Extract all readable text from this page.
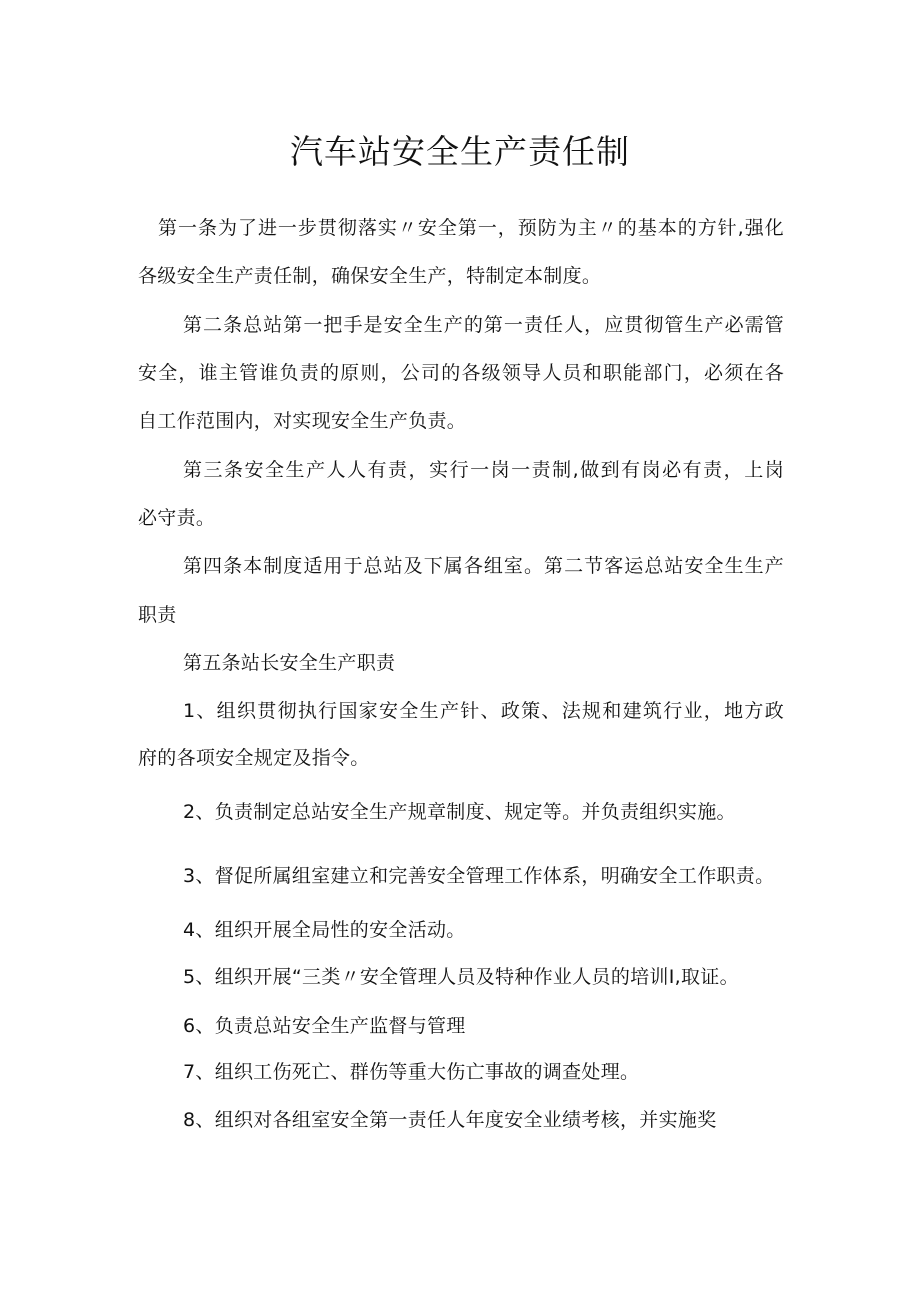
汽车站安全生产责任制
第一条为了进一步贯彻落实〃安全第一，预防为主〃的基本的方针,强化
各级安全生产责任制，确保安全生产，特制定本制度。
第二条总站第一把手是安全生产的第一责任人，应贯彻管生产必需管
安全，谁主管谁负责的原则，公司的各级领导人员和职能部门，必须在各
自工作范围内，对实现安全生产负责。
第三条安全生产人人有责，实行一岗一责制,做到有岗必有责，上岗
必守责。
第四条本制度适用于总站及下属各组室。第二节客运总站安全生生产
职责
第五条站长安全生产职责
1、组织贯彻执行国家安全生产针、政策、法规和建筑行业，地方政
府的各项安全规定及指令。
2、负责制定总站安全生产规章制度、规定等。并负责组织实施。
3、督促所属组室建立和完善安全管理工作体系，明确安全工作职责。
4、组织开展全局性的安全活动。
5、组织开展“三类〃安全管理人员及特种作业人员的培训I,取证。
6、负责总站安全生产监督与管理
7、组织工伤死亡、群伤等重大伤亡事故的调查处理。
8、组织对各组室安全第一责任人年度安全业绩考核，并实施奖
